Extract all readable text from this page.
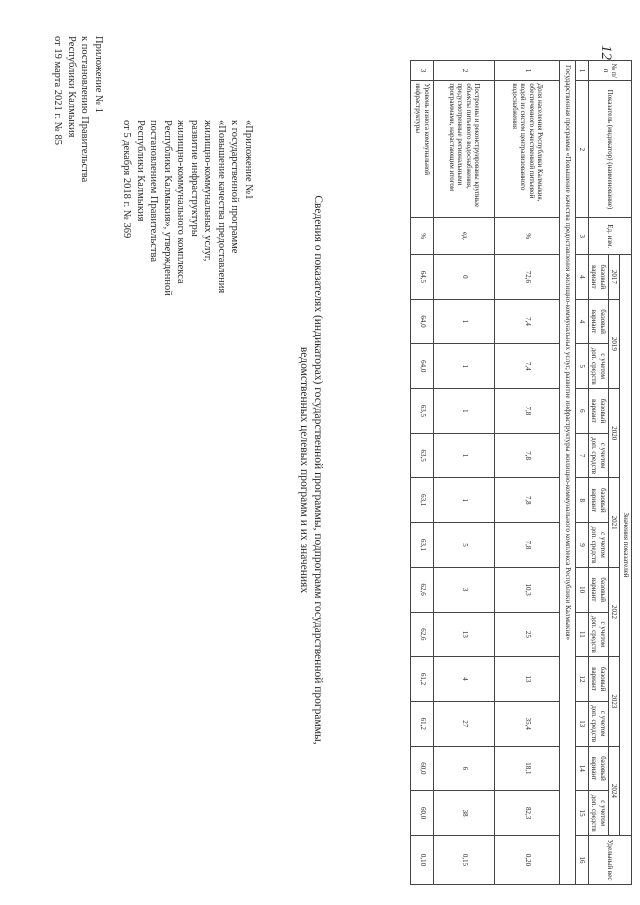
12
Приложение № 1
к постановлению Правительства
Республики Калмыкия
от 19 марта 2021 г. № 85
«Приложение №1
к государственной программе
«Повышение качества предоставления
жилищно-коммунальных услуг,
развитие инфраструктуры
жилищно-коммунального комплекса
Республики Калмыкия», утвержденной
постановлением Правительства
Республики Калмыкия
от 5 декабря 2018 г. № 369
Сведения о показателях (индикаторах) государственной программы, подпрограмм государственной программы,
ведомственных целевых программ и их значениях
№ п/п	Показатель (индикатор) (наименование)	Ед. изм.	Значения показателей													Удельный вес
			2017	2019		2020		2021		2022		2023		2024		
			базовый вариант	базовый вариант	с учетом доп. средств	базовый вариант	с учетом доп. средств	базовый вариант	с учетом доп. средств	базовый вариант	с учетом доп. средств	базовый вариант	с учетом доп. средств	базовый вариант	с учетом доп. средств	
1	2	3	4	4	5	6	7	8	9	10	11	12	13	14	15	16
Государственная программа «Повышение качества предоставления жилищно-коммунальных услуг, развитие инфраструктуры жилищно-коммунального комплекса Республики Калмыкия»																
1	Доля населения Республики Калмыкия, обеспеченного качественной питьевой водой из систем централизованного водоснабжения	%	72,6	7,4	7,4	7,8	7,8	7,8	7,8	10,3	25	13	35,4	18,1	82,3	0,20
2	Построены и реконструированы крупные объекты питьевого водоснабжения, предусмотренные региональными программами, нарастающим итогом	ед.	0	1	1	1	1	1	5	3	13	4	27	6	38	0,15
3	Уровень износа коммунальной инфраструктуры	%	64,5	64,0	64,0	63,5	63,5	63,1	63,1	62,6	62,6	61,2	61,2	60,0	60,0	0,10
